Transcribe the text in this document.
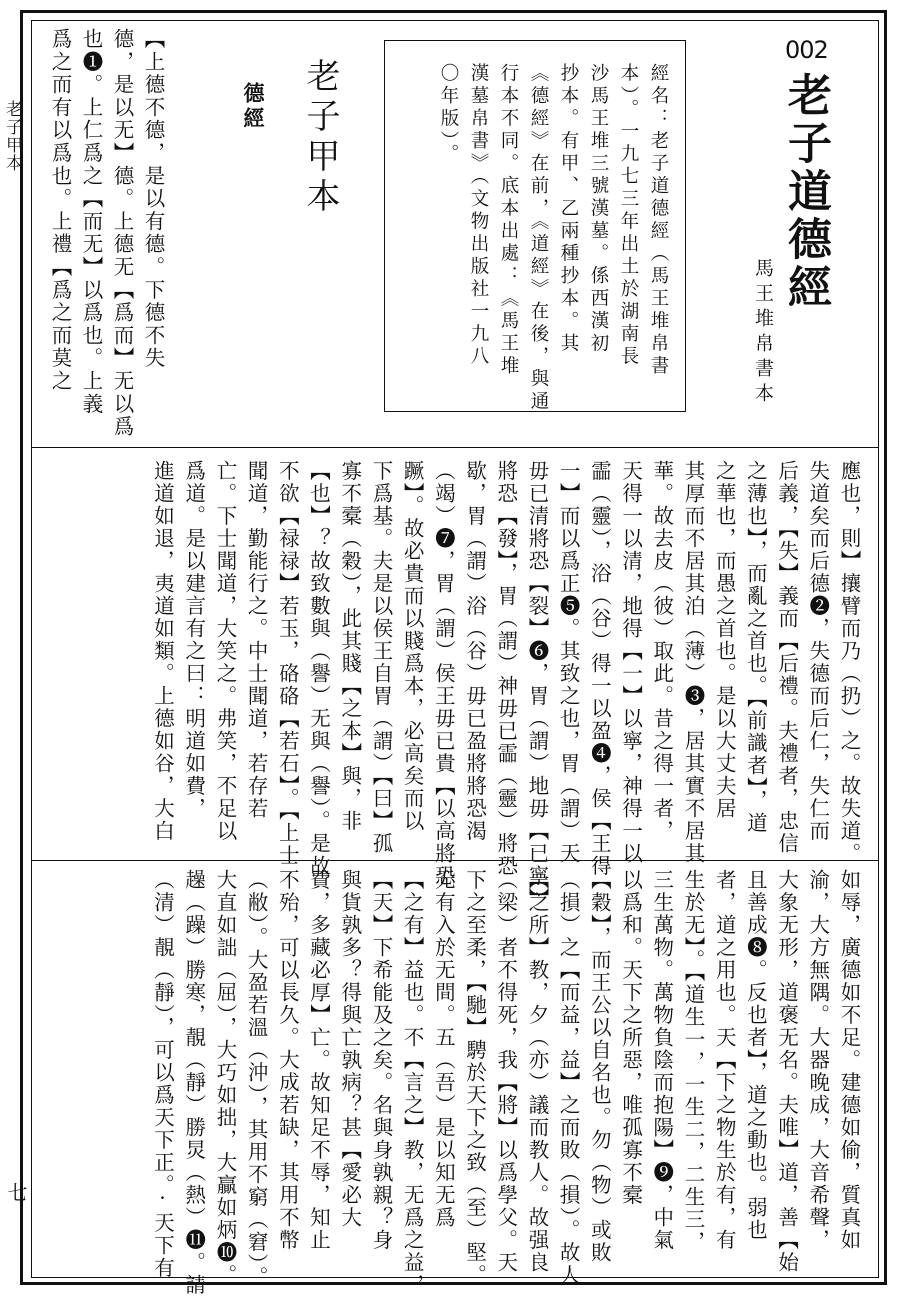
老子甲本
七
002
老子道德經
馬王堆帛書本
經名：老子道德經（馬王堆帛書
本）。一九七三年出土於湖南長
沙馬王堆三號漢墓。係西漢初
抄本。有甲、乙兩種抄本。其
《德經》在前，《道經》在後，與通
行本不同。底本出處：《馬王堆
漢墓帛書》（文物出版社一九八
〇年版）。
老子甲本
德經
【上德不德，是以有德。下德不失
德，是以无】德。上德无【爲而】无以爲
也❶。上仁爲之【而无】以爲也。上義
爲之而有以爲也。上禮【爲之而莫之
應也，則】攘臂而乃（扔）之。故失道。
失道矣而后德❷，失德而后仁，失仁而
后義，【失】義而【后禮。夫禮者，忠信
之薄也】，而亂之首也。【前識者】，道
之華也，而愚之首也。是以大丈夫居
其厚而不居其泊（薄）❸，居其實不居其
華。故去皮（彼）取此。昔之得一者，
天得一以清，地得【一】以寧，神得一以
霝（靈），浴（谷）得一以盈❹，侯【王得
一】而以爲正❺。其致之也，胃（謂）天
毋已清將恐【裂】❻，胃（謂）地毋【已寧】
將恐【發】，胃（謂）神毋已霝（靈）將恐
歇，胃（謂）浴（谷）毋已盈將將恐渴
（竭）❼，胃（謂）侯王毋已貴【以高將恐
蹶】。故必貴而以賤爲本，必高矣而以
下爲基。夫是以侯王自胃（謂）【曰】孤
寡不槖（穀），此其賤【之本】與，非
【也】？故致數與（譽）无與（譽）。是故
不欲【禄禄】若玉，硌硌【若石】。【上士
聞道，勤能行之。中士聞道，若存若
亡。下士聞道，大笑之。弗笑，不足以
爲道。是以建言有之曰：明道如費，
進道如退，夷道如類。上德如谷，大白
如辱，廣德如不足。建德如偷，質真如
渝，大方無隅。大器晚成，大音希聲，
大象无形，道褒无名。夫唯】道，善【始
且善成❽。反也者】，道之動也。弱也
者，道之用也。天【下之物生於有，有
生於无】。【道生一，一生二，二生三，
三生萬物。萬物負陰而抱陽】❾，中氣
以爲和。天下之所惡，唯孤寡不槖
【穀】，而王公以自名也。勿（物）或敗
（損）之【而益，益】之而敗（損）。故人
【之所】教，夕（亦）議而教人。故强良
（梁）者不得死，我【將】以爲學父。天
下之至柔，【馳】騁於天下之致（至）堅。
无有入於无間。五（吾）是以知无爲
【之有】益也。不【言之】教，无爲之益，
【天】下希能及之矣。名與身孰親？身
與貨孰多？得與亡孰病？甚【愛必大
費，多藏必厚】亡。故知足不辱，知止
不殆，可以長久。大成若缺，其用不幣
（敝）。大盈若溫（沖），其用不窮（窘）。
大直如詘（屈），大巧如拙，大贏如炳❿。
趮（躁）勝寒，靚（靜）勝炅（熱）⓫。請
（清）靚（靜），可以爲天下正。·天下有
